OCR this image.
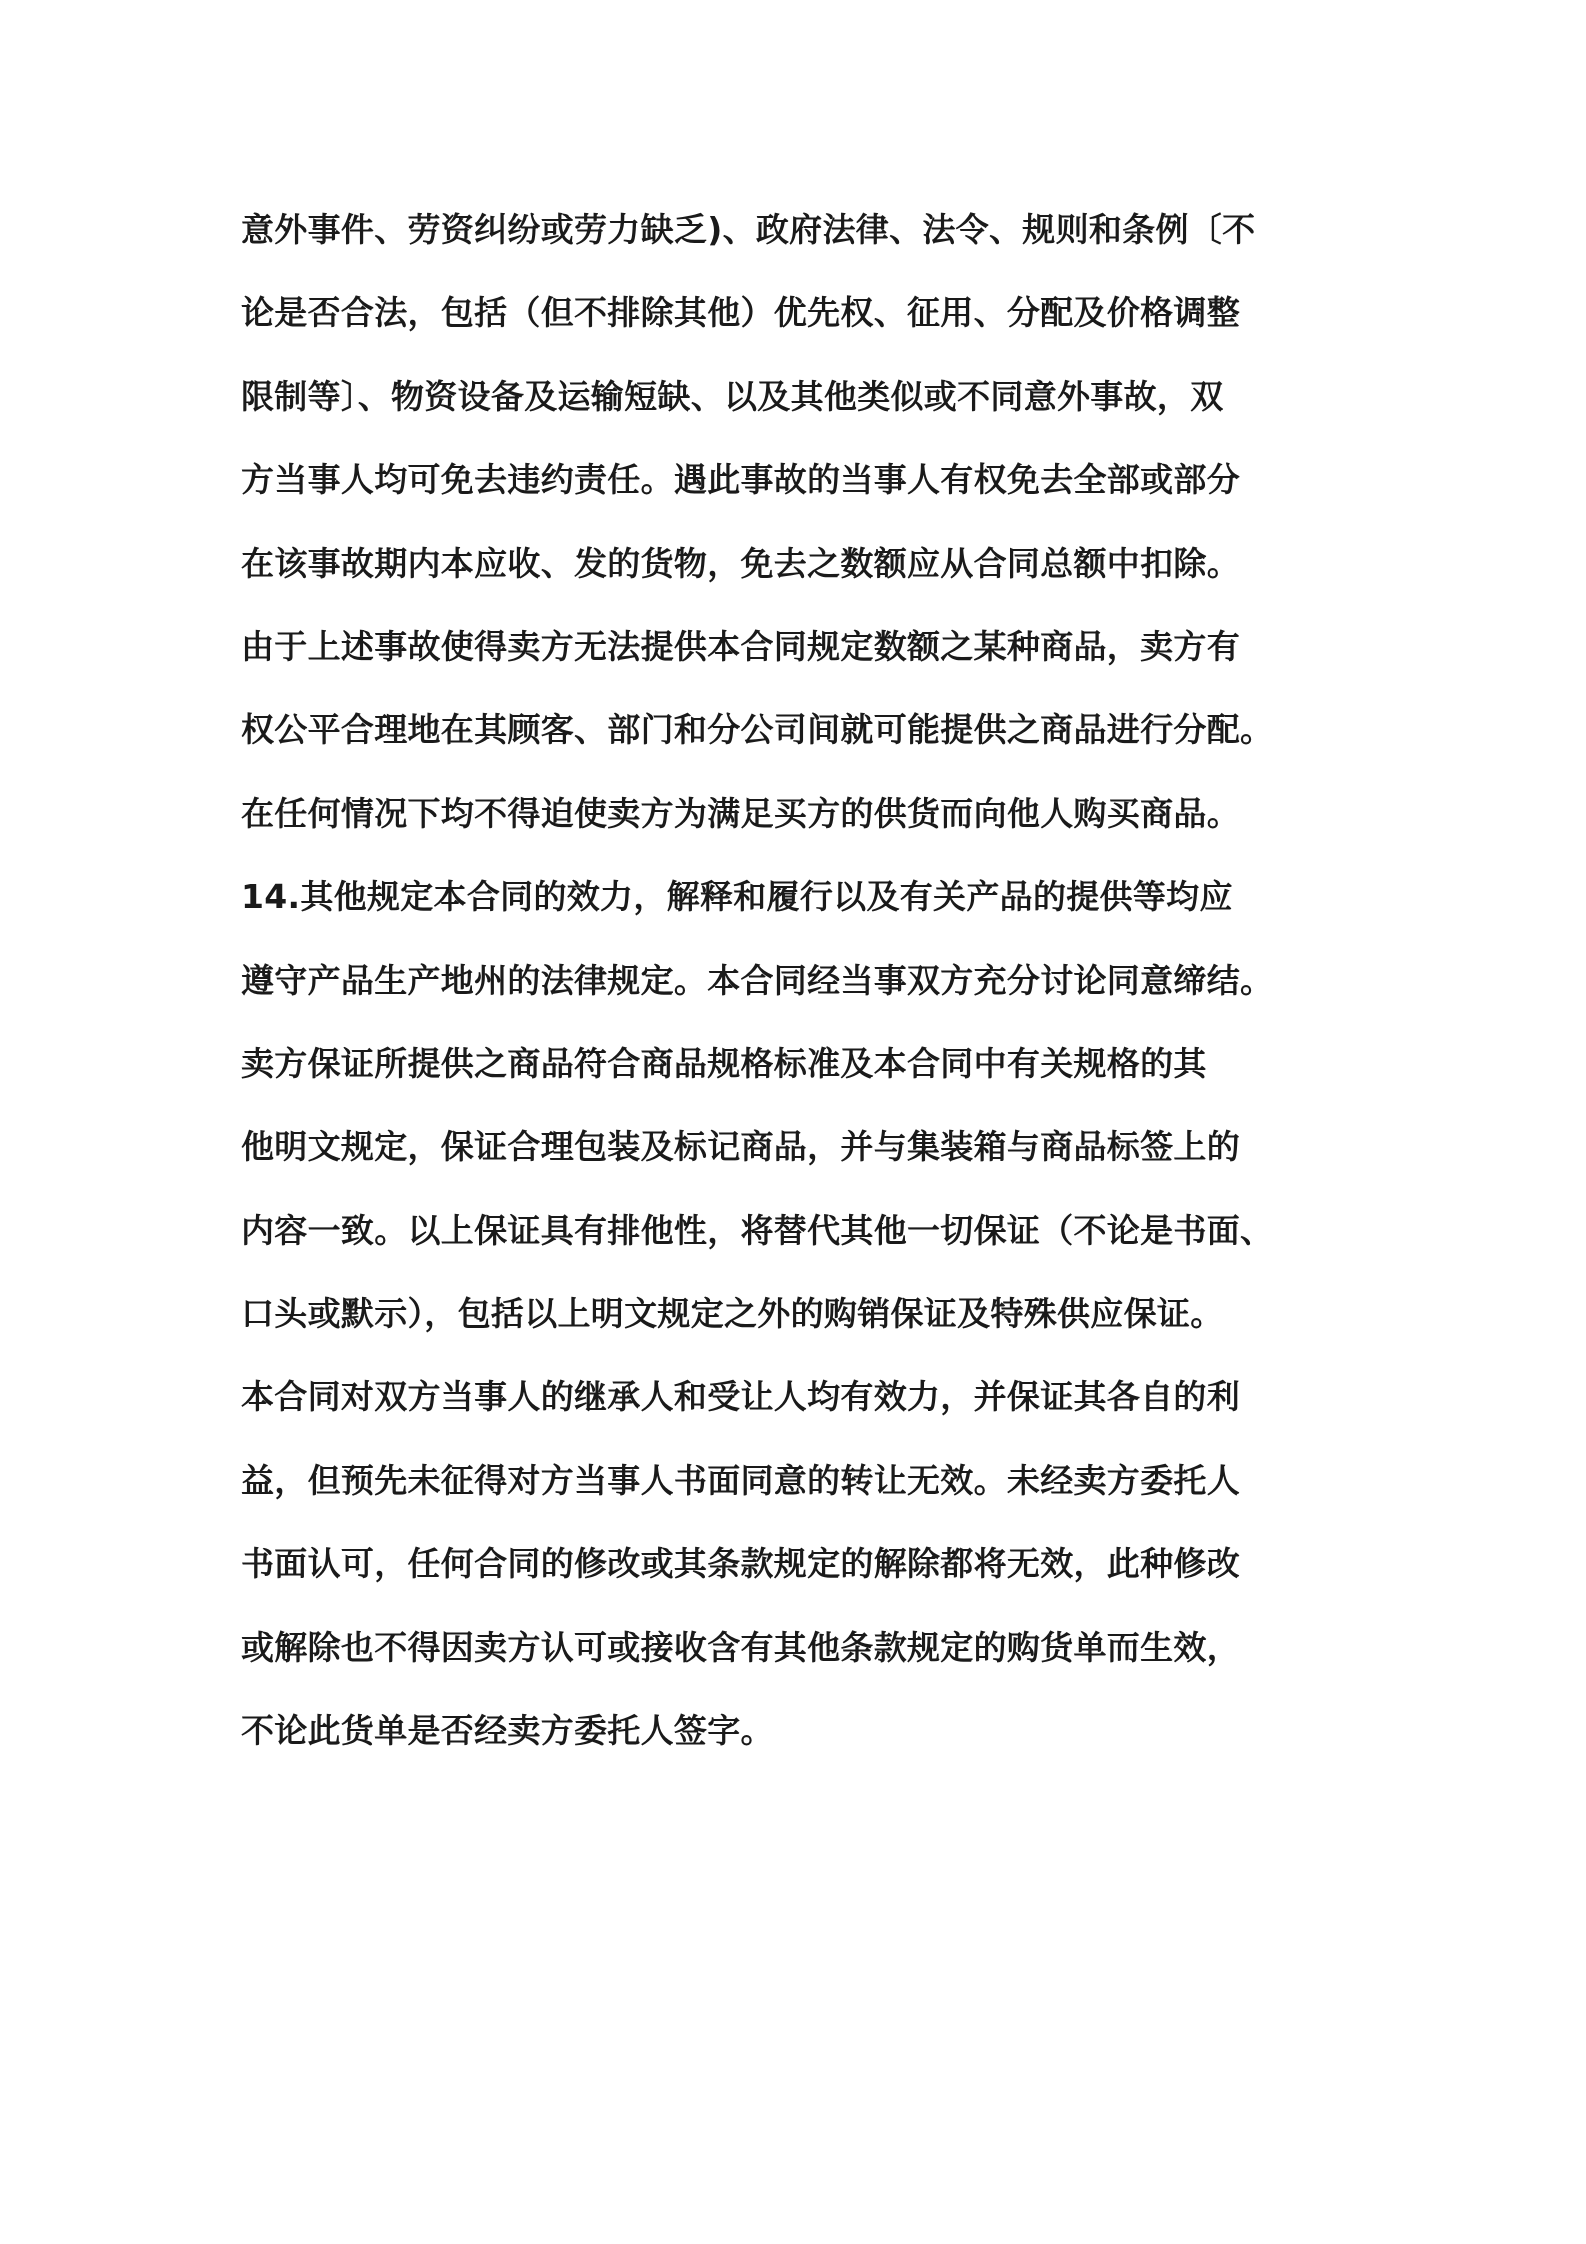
意外事件、劳资纠纷或劳力缺乏)、政府法律、法令、规则和条例〔不
论是否合法，包括（但不排除其他）优先权、征用、分配及价格调整
限制等〕、物资设备及运输短缺、以及其他类似或不同意外事故，双
方当事人均可免去违约责任。遇此事故的当事人有权免去全部或部分
在该事故期内本应收、发的货物，免去之数额应从合同总额中扣除。
由于上述事故使得卖方无法提供本合同规定数额之某种商品，卖方有
权公平合理地在其顾客、部门和分公司间就可能提供之商品进行分配。
在任何情况下均不得迫使卖方为满足买方的供货而向他人购买商品。
14.其他规定本合同的效力，解释和履行以及有关产品的提供等均应
遵守产品生产地州的法律规定。本合同经当事双方充分讨论同意缔结。
卖方保证所提供之商品符合商品规格标准及本合同中有关规格的其
他明文规定，保证合理包装及标记商品，并与集装箱与商品标签上的
内容一致。以上保证具有排他性，将替代其他一切保证（不论是书面、
口头或默示），包括以上明文规定之外的购销保证及特殊供应保证。
本合同对双方当事人的继承人和受让人均有效力，并保证其各自的利
益，但预先未征得对方当事人书面同意的转让无效。未经卖方委托人
书面认可，任何合同的修改或其条款规定的解除都将无效，此种修改
或解除也不得因卖方认可或接收含有其他条款规定的购货单而生效，
不论此货单是否经卖方委托人签字。
